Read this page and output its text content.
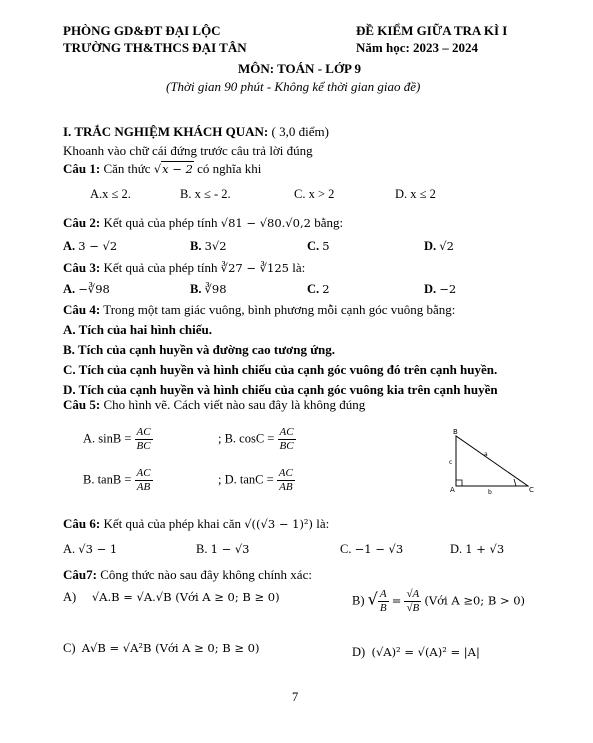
PHÒNG GD&ĐT ĐẠI LỘC
TRƯỜNG TH&THCS ĐẠI TÂN
ĐỀ KIỂM GIỮA TRA KÌ I
Năm học: 2023 – 2024
MÔN: TOÁN - LỚP 9
(Thời gian 90 phút - Không kể thời gian giao đề)
I. TRẮC NGHIỆM KHÁCH QUAN: ( 3,0 điểm)
Khoanh vào chữ cái đứng trước câu trả lời đúng
Câu 1: Căn thức √x − 2 có nghĩa khi
A.x ≤ 2.	B. x ≤ - 2.	C. x > 2	D. x ≤ 2
Câu 2: Kết quả của phép tính √81 − √80.√0,2 bằng:
A. 3 − √2	B. 3√2	C. 5	D. √2
Câu 3: Kết quả của phép tính ∛27 − ∛125 là:
A. −∛98	B. ∛98	C. 2	D. −2
Câu 4: Trong một tam giác vuông, bình phương mỗi cạnh góc vuông bằng:
A. Tích của hai hình chiếu.
B. Tích của cạnh huyền và đường cao tương ứng.
C. Tích của cạnh huyền và hình chiếu của cạnh góc vuông đó trên cạnh huyền.
D. Tích của cạnh huyền và hình chiếu của cạnh góc vuông kia trên cạnh huyền
Câu 5: Cho hình vẽ. Cách viết nào sau đây là không đúng
A. $\sin B = \frac{AC}{BC}$	; B. $\cos C = \frac{AC}{BC}$
B. $\tan B = \frac{AC}{AB}$	; D. $\tan C = \frac{AC}{AB}$
B
A	C
a
b
c
Câu 6: Kết quả của phép khai căn √((√3 − 1)²) là:
A. √3 − 1	B. 1 − √3	C. −1 − √3	D. 1 + √3
Câu7: Công thức nào sau đây không chính xác:
A) √A.B = √A.√B (Với A ≥ 0; B ≥ 0)	B) √ $\frac{A}{B} = \frac{√A}{√B}$ (Với A ≥0; B > 0)
C) A√B = √A²B (Với A ≥ 0; B ≥ 0)	D) (√A)² = √(A)² = |A|
7
